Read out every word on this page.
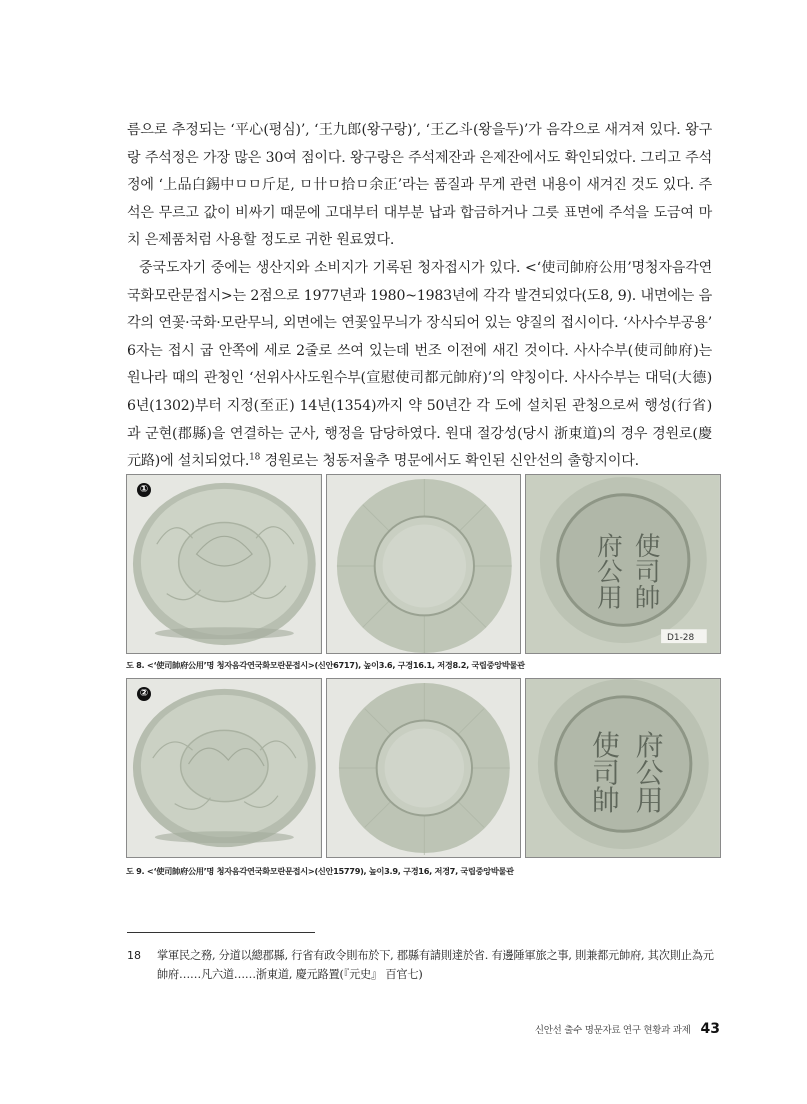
름으로 추정되는 ‘平心(평심)’, ‘王九郎(왕구랑)’, ‘王乙斗(왕을두)’가 음각으로 새겨져 있다. 왕구랑 주석정은 가장 많은 30여 점이다. 왕구랑은 주석제잔과 은제잔에서도 확인되었다. 그리고 주석정에 ‘上品白錫中ㅁㅁ斤足, ㅁ卄ㅁ拾ㅁ余正’라는 품질과 무게 관련 내용이 새겨진 것도 있다. 주석은 무르고 값이 비싸기 때문에 고대부터 대부분 납과 합금하거나 그릇 표면에 주석을 도금여 마치 은제품처럼 사용할 정도로 귀한 원료였다.

중국도자기 중에는 생산지와 소비지가 기록된 청자접시가 있다. <‘使司帥府公用’명청자음각연국화모란문접시>는 2점으로 1977년과 1980~1983년에 각각 발견되었다(도8, 9). 내면에는 음각의 연꽃·국화·모란무늬, 외면에는 연꽃잎무늬가 장식되어 있는 양질의 접시이다. ‘사사수부공용’ 6자는 접시 굽 안쪽에 세로 2줄로 쓰여 있는데 번조 이전에 새긴 것이다. 사사수부(使司帥府)는 원나라 때의 관청인 ‘선위사사도원수부(宣慰使司都元帥府)’의 약칭이다. 사사수부는 대덕(大德) 6년(1302)부터 지정(至正) 14년(1354)까지 약 50년간 각 도에 설치된 관청으로써 행성(行省)과 군현(郡縣)을 연결하는 군사, 행정을 담당하였다. 원대 절강성(당시 浙東道)의 경우 경원로(慶元路)에 설치되었다.$^{18}$ 경원로는 청동저울추 명문에서도 확인된 신안선의 출항지이다.

①
使司帥
府公用
D1-28

도 8. <‘使司帥府公用’명 청자음각연국화모란문접시>(신안6717), 높이3.6, 구경16.1, 저경8.2, 국립중앙박물관

②
府公用
使司帥

도 9. <‘使司帥府公用’명 청자음각연국화모란문접시>(신안15779), 높이3.9, 구경16, 저경7, 국립중앙박물관

18 掌軍民之務, 分道以總郡縣, 行省有政令則布於下, 郡縣有請則達於省. 有邊陲軍旅之事, 則兼都元帥府, 其次則止為元帥府……凡六道……浙東道, 慶元路置(『元史』 百官七)

신안선 출수 명문자료 연구 현황과 과제 43
